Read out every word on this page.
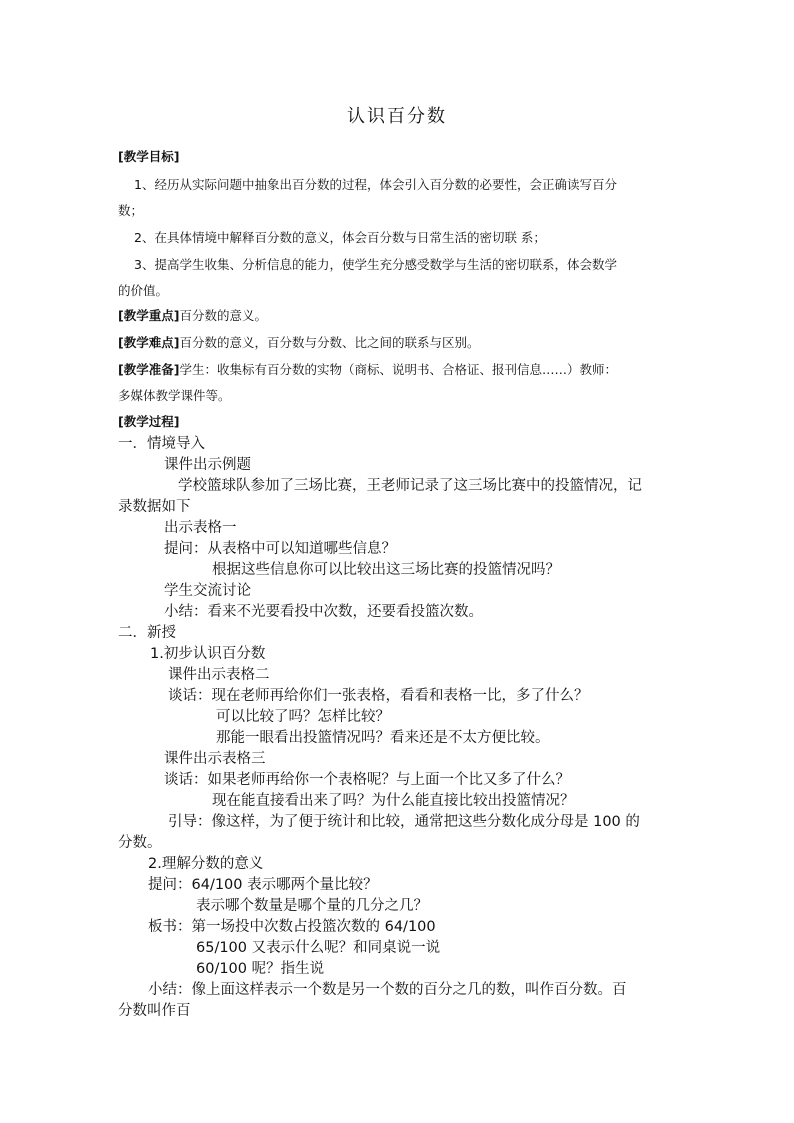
认识百分数
[教学目标]
1、经历从实际问题中抽象出百分数的过程，体会引入百分数的必要性，会正确读写百分
数；
2、在具体情境中解释百分数的意义，体会百分数与日常生活的密切联 系；
3、提高学生收集、分析信息的能力，使学生充分感受数学与生活的密切联系，体会数学
的价值。
[教学重点]百分数的意义。
[教学难点]百分数的意义，百分数与分数、比之间的联系与区别。
[教学准备]学生：收集标有百分数的实物（商标、说明书、合格证、报刊信息……）教师：
多媒体教学课件等。
[教学过程]
一．情境导入
课件出示例题
学校篮球队参加了三场比赛，王老师记录了这三场比赛中的投篮情况，记
录数据如下
出示表格一
提问：从表格中可以知道哪些信息？
根据这些信息你可以比较出这三场比赛的投篮情况吗？
学生交流讨论
小结：看来不光要看投中次数，还要看投篮次数。
二．新授
1.初步认识百分数
课件出示表格二
谈话：现在老师再给你们一张表格，看看和表格一比，多了什么？
可以比较了吗？怎样比较？
那能一眼看出投篮情况吗？看来还是不太方便比较。
课件出示表格三
谈话：如果老师再给你一个表格呢？与上面一个比又多了什么？
现在能直接看出来了吗？为什么能直接比较出投篮情况？
引导：像这样，为了便于统计和比较，通常把这些分数化成分母是 100 的
分数。
2.理解分数的意义
提问：64/100 表示哪两个量比较？
表示哪个数量是哪个量的几分之几？
板书：第一场投中次数占投篮次数的 64/100
65/100 又表示什么呢？和同桌说一说
60/100 呢？指生说
小结：像上面这样表示一个数是另一个数的百分之几的数，叫作百分数。百
分数叫作百
